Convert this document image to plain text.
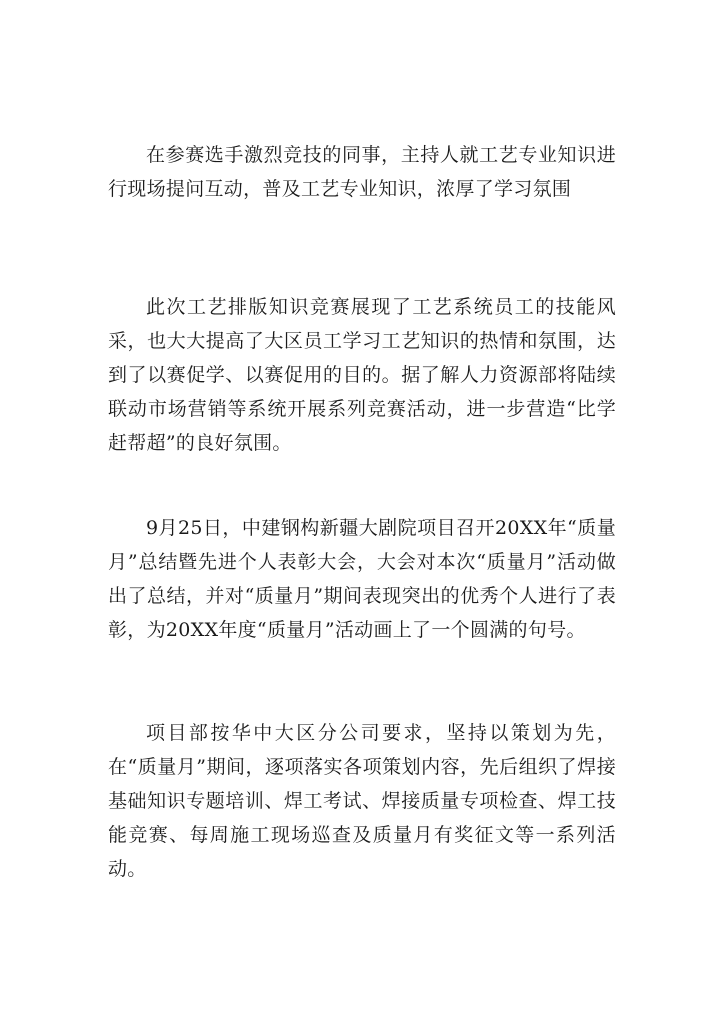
在参赛选手激烈竞技的同事，主持人就工艺专业知识进行现场提问互动，普及工艺专业知识，浓厚了学习氛围

此次工艺排版知识竞赛展现了工艺系统员工的技能风采，也大大提高了大区员工学习工艺知识的热情和氛围，达到了以赛促学、以赛促用的目的。据了解人力资源部将陆续联动市场营销等系统开展系列竞赛活动，进一步营造“比学赶帮超”的良好氛围。

9月25日，中建钢构新疆大剧院项目召开20XX年“质量月”总结暨先进个人表彰大会，大会对本次“质量月”活动做出了总结，并对“质量月”期间表现突出的优秀个人进行了表彰，为20XX年度“质量月”活动画上了一个圆满的句号。

项目部按华中大区分公司要求，坚持以策划为先，在“质量月”期间，逐项落实各项策划内容，先后组织了焊接基础知识专题培训、焊工考试、焊接质量专项检查、焊工技能竞赛、每周施工现场巡查及质量月有奖征文等一系列活动。
